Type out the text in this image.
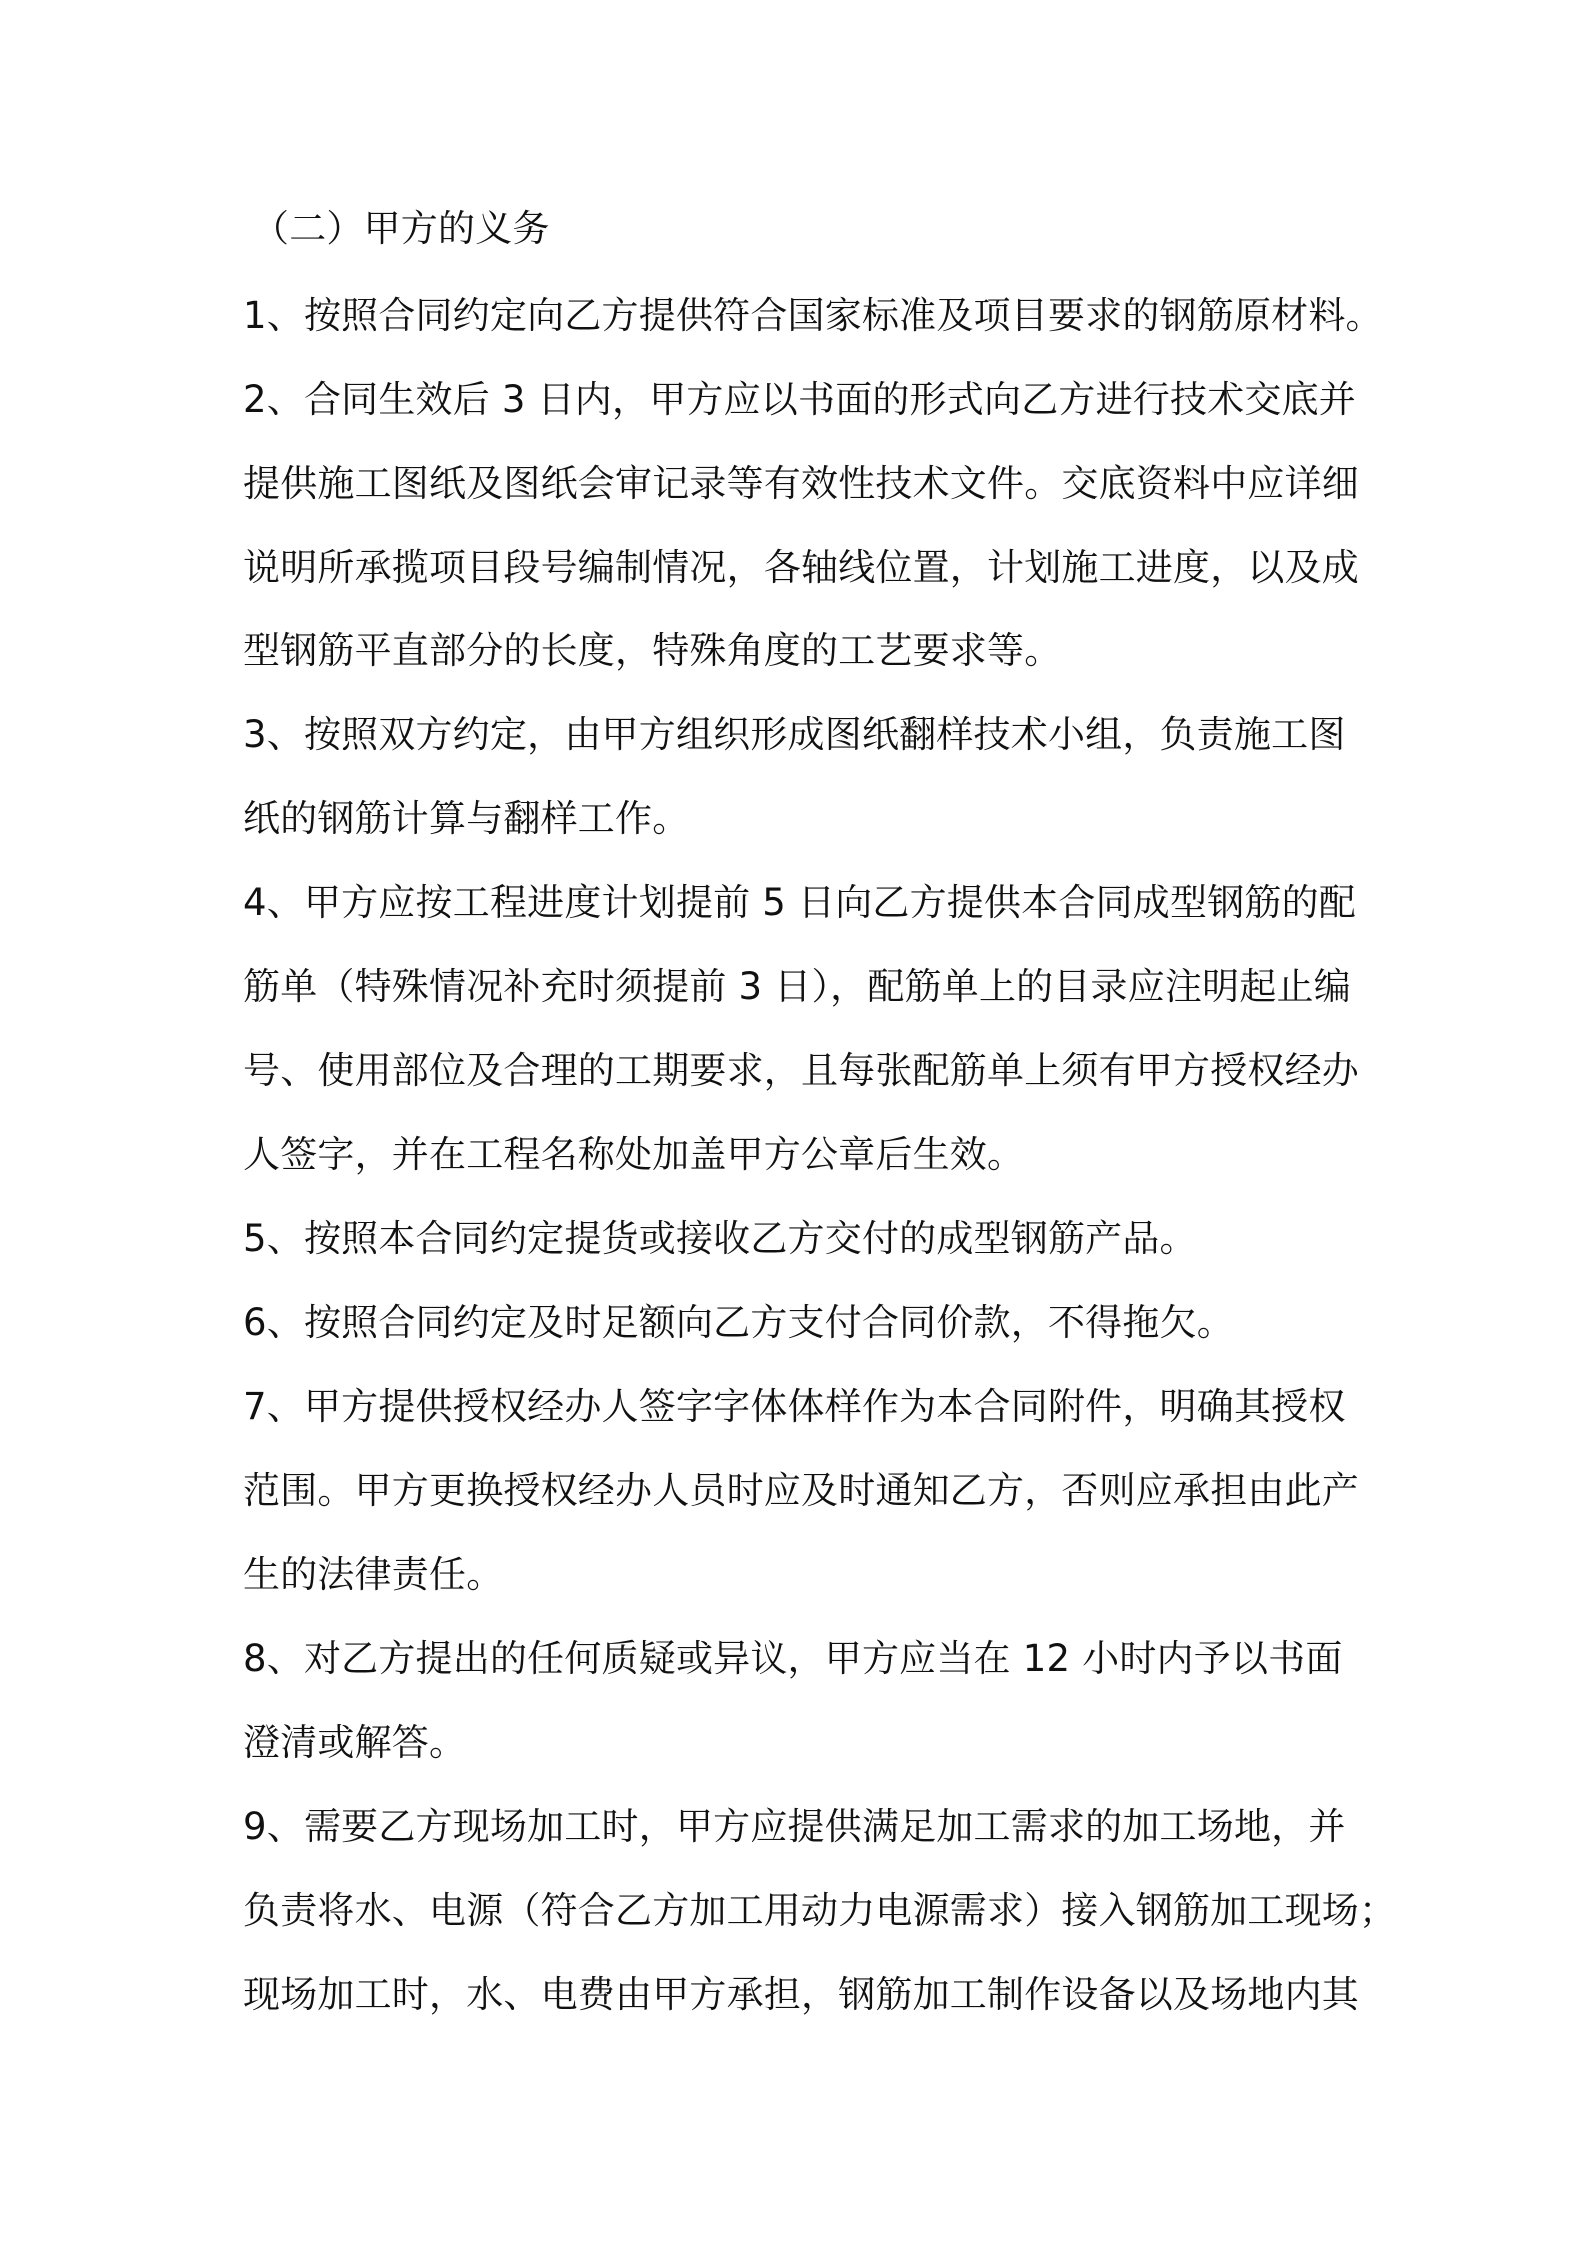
（二）甲方的义务
1、按照合同约定向乙方提供符合国家标准及项目要求的钢筋原材料。
2、合同生效后 3 日内，甲方应以书面的形式向乙方进行技术交底并
提供施工图纸及图纸会审记录等有效性技术文件。交底资料中应详细
说明所承揽项目段号编制情况，各轴线位置，计划施工进度，以及成
型钢筋平直部分的长度，特殊角度的工艺要求等。
3、按照双方约定，由甲方组织形成图纸翻样技术小组，负责施工图
纸的钢筋计算与翻样工作。
4、甲方应按工程进度计划提前 5 日向乙方提供本合同成型钢筋的配
筋单（特殊情况补充时须提前 3 日），配筋单上的目录应注明起止编
号、使用部位及合理的工期要求，且每张配筋单上须有甲方授权经办
人签字，并在工程名称处加盖甲方公章后生效。
5、按照本合同约定提货或接收乙方交付的成型钢筋产品。
6、按照合同约定及时足额向乙方支付合同价款，不得拖欠。
7、甲方提供授权经办人签字字体体样作为本合同附件，明确其授权
范围。甲方更换授权经办人员时应及时通知乙方，否则应承担由此产
生的法律责任。
8、对乙方提出的任何质疑或异议，甲方应当在 12 小时内予以书面
澄清或解答。
9、需要乙方现场加工时，甲方应提供满足加工需求的加工场地，并
负责将水、电源（符合乙方加工用动力电源需求）接入钢筋加工现场；
现场加工时，水、电费由甲方承担，钢筋加工制作设备以及场地内其
